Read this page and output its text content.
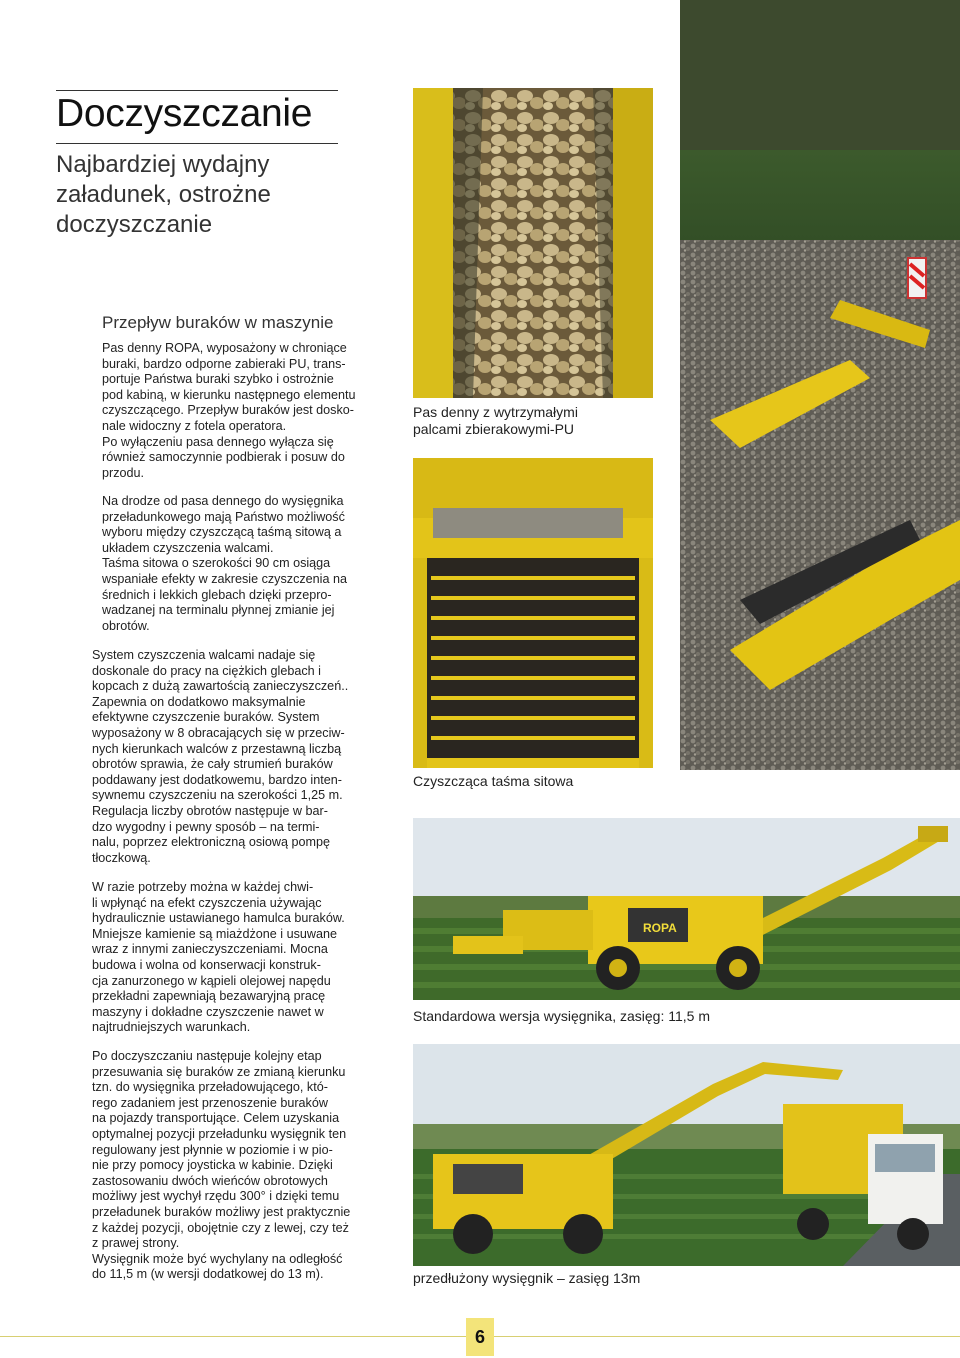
Doczyszczanie
Najbardziej wydajny
załadunek, ostrożne
doczyszczanie
Przepływ buraków w maszynie
Pas denny ROPA, wyposażony w chroniące
buraki, bardzo odporne zabieraki PU, trans-
portuje Państwa buraki szybko i ostrożnie
pod kabiną, w kierunku następnego elementu
czyszczącego. Przepływ buraków jest dosko-
nale widoczny z fotela operatora.
Po wyłączeniu pasa dennego wyłącza się
również samoczynnie podbierak i posuw do
przodu.
Na drodze od pasa dennego do wysięgnika
przeładunkowego mają Państwo możliwość
wyboru między czyszczącą taśmą sitową a
układem czyszczenia walcami.
Taśma sitowa o szerokości 90 cm osiąga
wspaniałe efekty w zakresie czyszczenia na
średnich i lekkich glebach dzięki przepro-
wadzanej na terminalu płynnej zmianie jej
obrotów.
System czyszczenia walcami nadaje się
doskonale do pracy na ciężkich glebach i
kopcach z dużą zawartością zanieczyszczeń..
Zapewnia on dodatkowo maksymalnie
efektywne czyszczenie buraków. System
wyposażony w 8 obracających się w przeciw-
nych kierunkach walców z przestawną liczbą
obrotów sprawia, że cały strumień buraków
poddawany jest dodatkowemu, bardzo inten-
sywnemu czyszczeniu na szerokości 1,25 m.
Regulacja liczby obrotów następuje w bar-
dzo wygodny i pewny sposób – na termi-
nalu, poprzez elektroniczną osiową pompę
tłoczkową.
W razie potrzeby można w każdej chwi-
li wpłynąć na efekt czyszczenia używając
hydraulicznie ustawianego hamulca buraków.
Mniejsze kamienie są miażdżone i usuwane
wraz z innymi zanieczyszczeniami. Mocna
budowa i wolna od konserwacji konstruk-
cja zanurzonego w kąpieli olejowej napędu
przekładni zapewniają bezawaryjną pracę
maszyny i dokładne czyszczenie nawet w
najtrudniejszych warunkach.
Po doczyszczaniu następuje kolejny etap
przesuwania się buraków ze zmianą kierunku
tzn. do wysięgnika przeładowującego, któ-
rego zadaniem jest przenoszenie buraków
na pojazdy transportujące. Celem uzyskania
optymalnej pozycji przeładunku wysięgnik ten
regulowany jest płynnie w poziomie i w pio-
nie przy pomocy joysticka w kabinie. Dzięki
zastosowaniu dwóch wieńców obrotowych
możliwy jest wychył rzędu 300° i dzięki temu
przeładunek buraków możliwy jest praktycznie
z każdej pozycji, obojętnie czy z lewej, czy też
z prawej strony.
Wysięgnik może być wychylany na odległość
do 11,5 m (w wersji dodatkowej do 13 m).
Pas denny z wytrzymałymi
palcami zbierakowymi-PU
Czyszcząca taśma sitowa
ROPA
Standardowa wersja wysięgnika, zasięg: 11,5 m
przedłużony wysięgnik – zasięg 13m
6
